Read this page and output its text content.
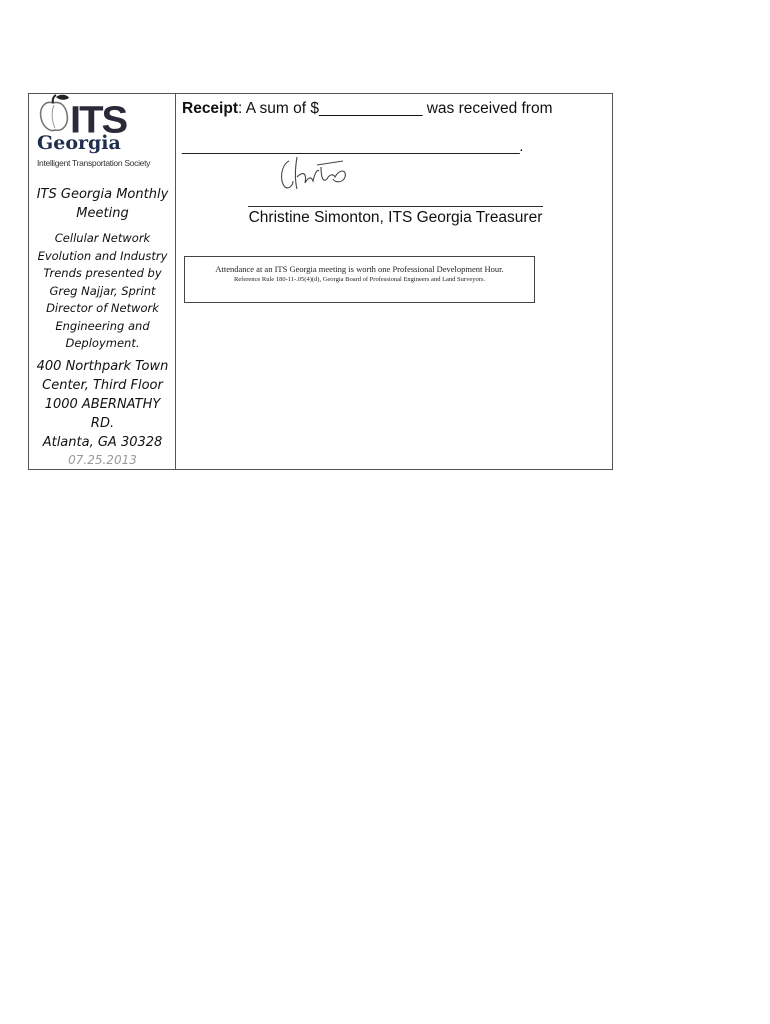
ITS
Georgia
Intelligent Transportation Society
ITS Georgia Monthly
Meeting
Cellular Network
Evolution and Industry
Trends presented by
Greg Najjar, Sprint
Director of Network
Engineering and
Deployment.
400 Northpark Town
Center, Third Floor
1000 ABERNATHY
RD.
Atlanta, GA 30328
07.25.2013
Receipt: A sum of $____________ was received from
___________________________________________.
Christine Simonton, ITS Georgia Treasurer
Attendance at an ITS Georgia meeting is worth one Professional Development Hour.
Reference Rule 180-11-.05(4)(d), Georgia Board of Professional Engineers and Land Surveyors.
